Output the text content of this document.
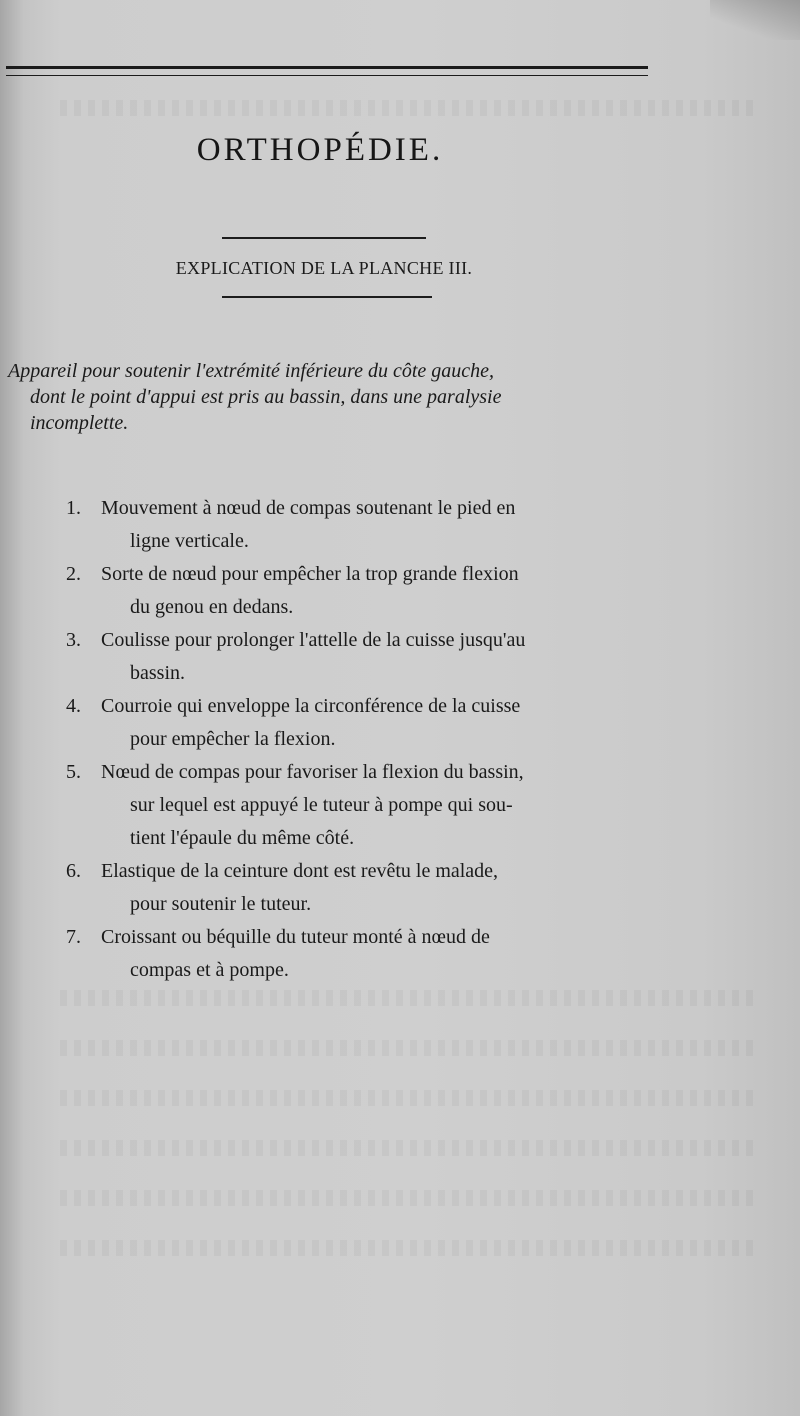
ORTHOPÉDIE.
EXPLICATION DE LA PLANCHE III.

Appareil pour soutenir l'extrémité inférieure du côte gauche,
dont le point d'appui est pris au bassin, dans une paralysie
incomplette.

1. Mouvement à nœud de compas soutenant le pied en
ligne verticale.
2. Sorte de nœud pour empêcher la trop grande flexion
du genou en dedans.
3. Coulisse pour prolonger l'attelle de la cuisse jusqu'au
bassin.
4. Courroie qui enveloppe la circonférence de la cuisse
pour empêcher la flexion.
5. Nœud de compas pour favoriser la flexion du bassin,
sur lequel est appuyé le tuteur à pompe qui sou-
tient l'épaule du même côté.
6. Elastique de la ceinture dont est revêtu le malade,
pour soutenir le tuteur.
7. Croissant ou béquille du tuteur monté à nœud de
compas et à pompe.
